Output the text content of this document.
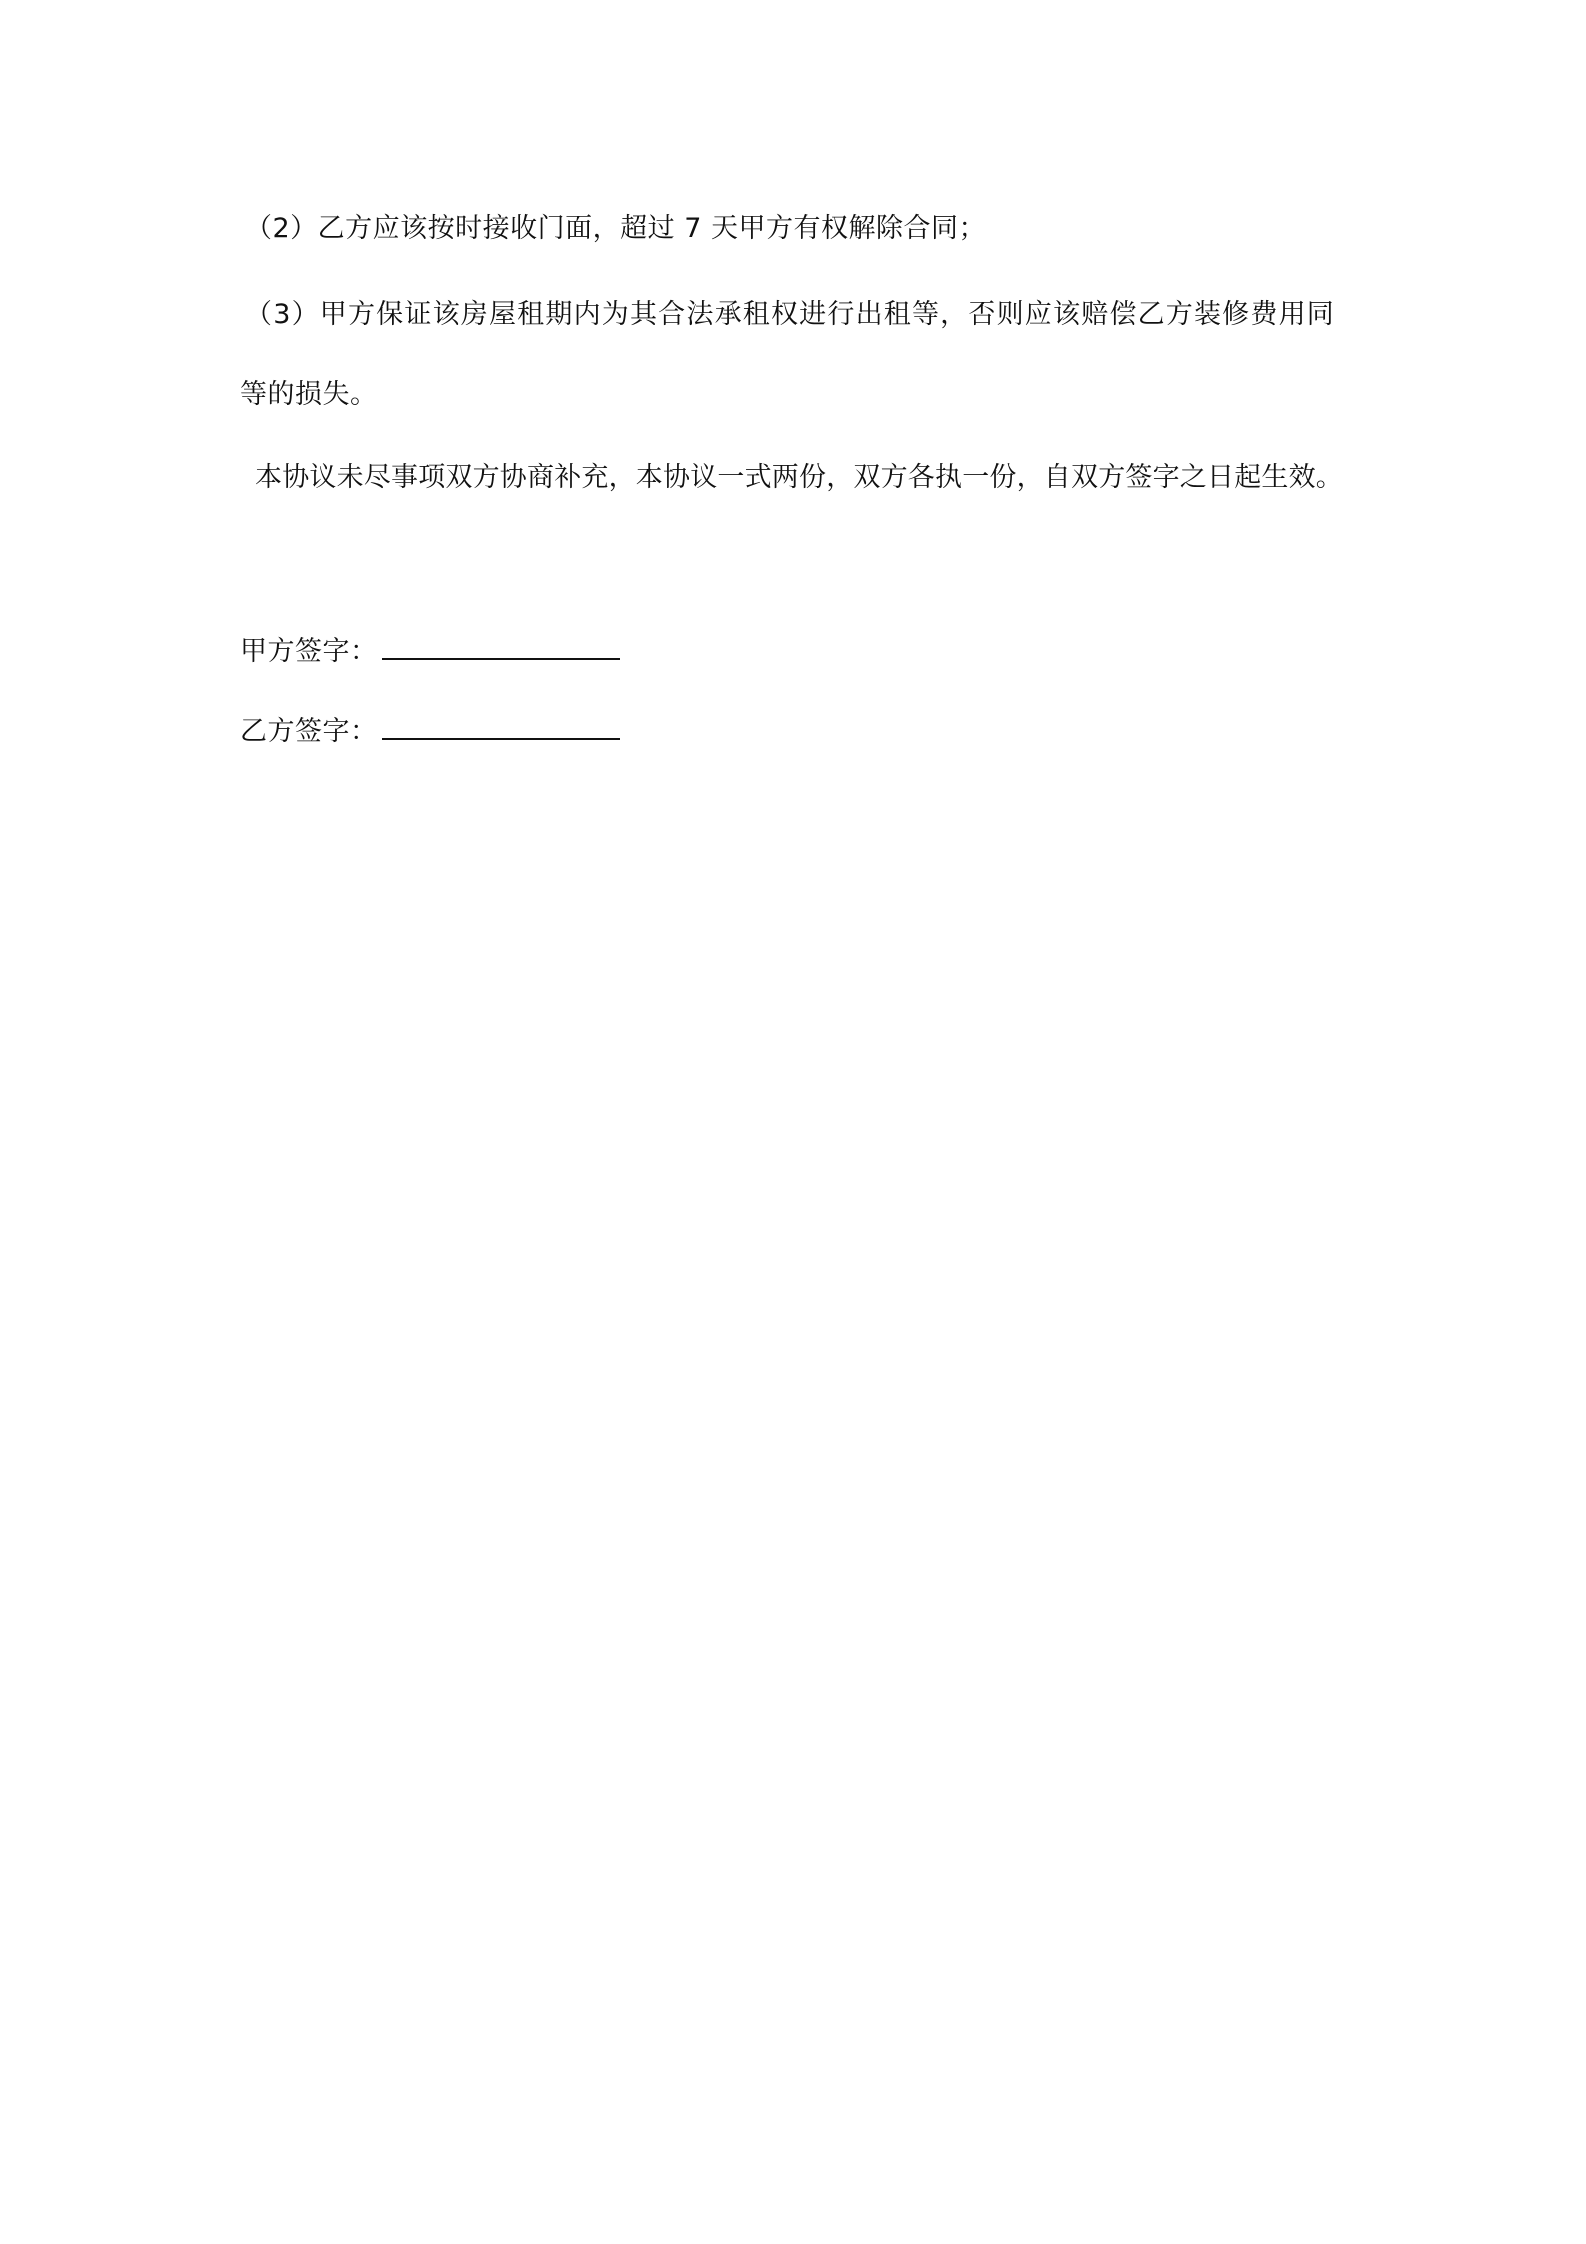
（2）乙方应该按时接收门面，超过 7 天甲方有权解除合同；
（3）甲方保证该房屋租期内为其合法承租权进行出租等，否则应该赔偿乙方装修费用同
等的损失。
本协议未尽事项双方协商补充，本协议一式两份，双方各执一份，自双方签字之日起生效。
甲方签字：
乙方签字：
